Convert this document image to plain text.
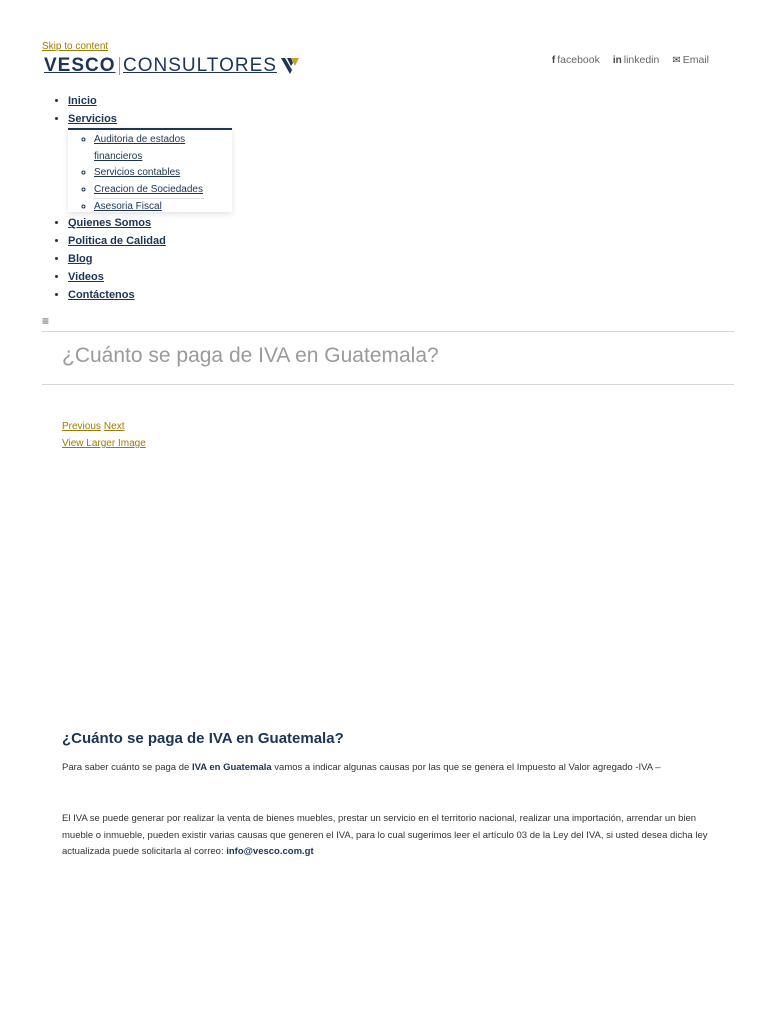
Skip to content
VESCO CONSULTORES	f facebook in linkedin ✉ Email
• Inicio
• Servicios
• Quienes Somos
• Politica de Calidad
• Blog
• Videos
• Contáctenos
◦ Auditoria de estados financieros
◦ Servicios contables
◦ Creacion de Sociedades
◦ Asesoria Fiscal
≡
¿Cuánto se paga de IVA en Guatemala?
Previous Next
View Larger Image
¿Cuánto se paga de IVA en Guatemala?

Para saber cuánto se paga de IVA en Guatemala vamos a indicar algunas causas por las que se genera el Impuesto al Valor agregado -IVA –

El IVA se puede generar por realizar la venta de bienes muebles, prestar un servicio en el territorio nacional, realizar una importación, arrendar un bien mueble o inmueble, pueden existir varias causas que generen el IVA, para lo cual sugerimos leer el artículo 03 de la Ley del IVA, si usted desea dicha ley actualizada puede solicitarla al correo: info@vesco.com.gt
